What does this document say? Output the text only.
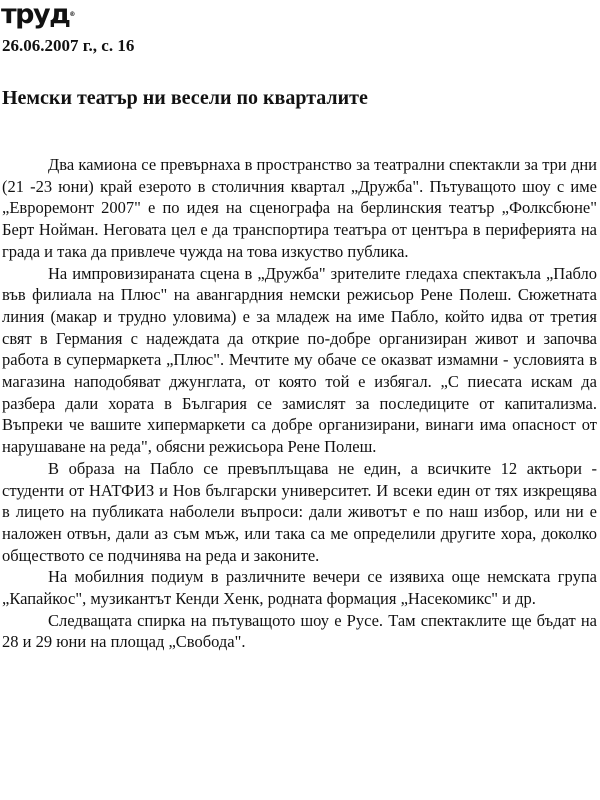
труд®
26.06.2007 г., с. 16
Немски театър ни весели по кварталите

Два камиона се превърнаха в пространство за театрални спектакли за три дни (21 -23 юни) край езерото в столичния квартал „Дружба". Пътуващото шоу с име „Евроремонт 2007" е по идея на сценографа на берлинския театър „Фолксбюне" Берт Нойман. Неговата цел е да транспортира театъра от центъра в периферията на града и така да привлече чужда на това изкуство публика.

На импровизираната сцена в „Дружба" зрителите гледаха спектакъла „Пабло във филиала на Плюс" на авангардния немски режисьор Рене Полеш. Сюжетната линия (макар и трудно уловима) е за младеж на име Пабло, който идва от третия свят в Германия с надеждата да открие по-добре организиран живот и започва работа в супермаркета „Плюс". Мечтите му обаче се оказват измамни - условията в магазина наподобяват джунглата, от която той е избягал. „С пиесата искам да разбера дали хората в България се замислят за последиците от капитализма. Въпреки че вашите хипермаркети са добре организирани, винаги има опасност от нарушаване на реда", обясни режисьора Рене Полеш.

В образа на Пабло се превъплъщава не един, а всичките 12 актьори - студенти от НАТФИЗ и Нов български университет. И всеки един от тях изкрещява в лицето на публиката наболели въпроси: дали животът е по наш избор, или ни е наложен отвън, дали аз съм мъж, или така са ме определили другите хора, доколко обществото се подчинява на реда и законите.

На мобилния подиум в различните вечери се изявиха още немската група „Капайкос", музикантът Кенди Хенк, родната формация „Насекомикс" и др.

Следващата спирка на пътуващото шоу е Русе. Там спектаклите ще бъдат на 28 и 29 юни на площад „Свобода".
